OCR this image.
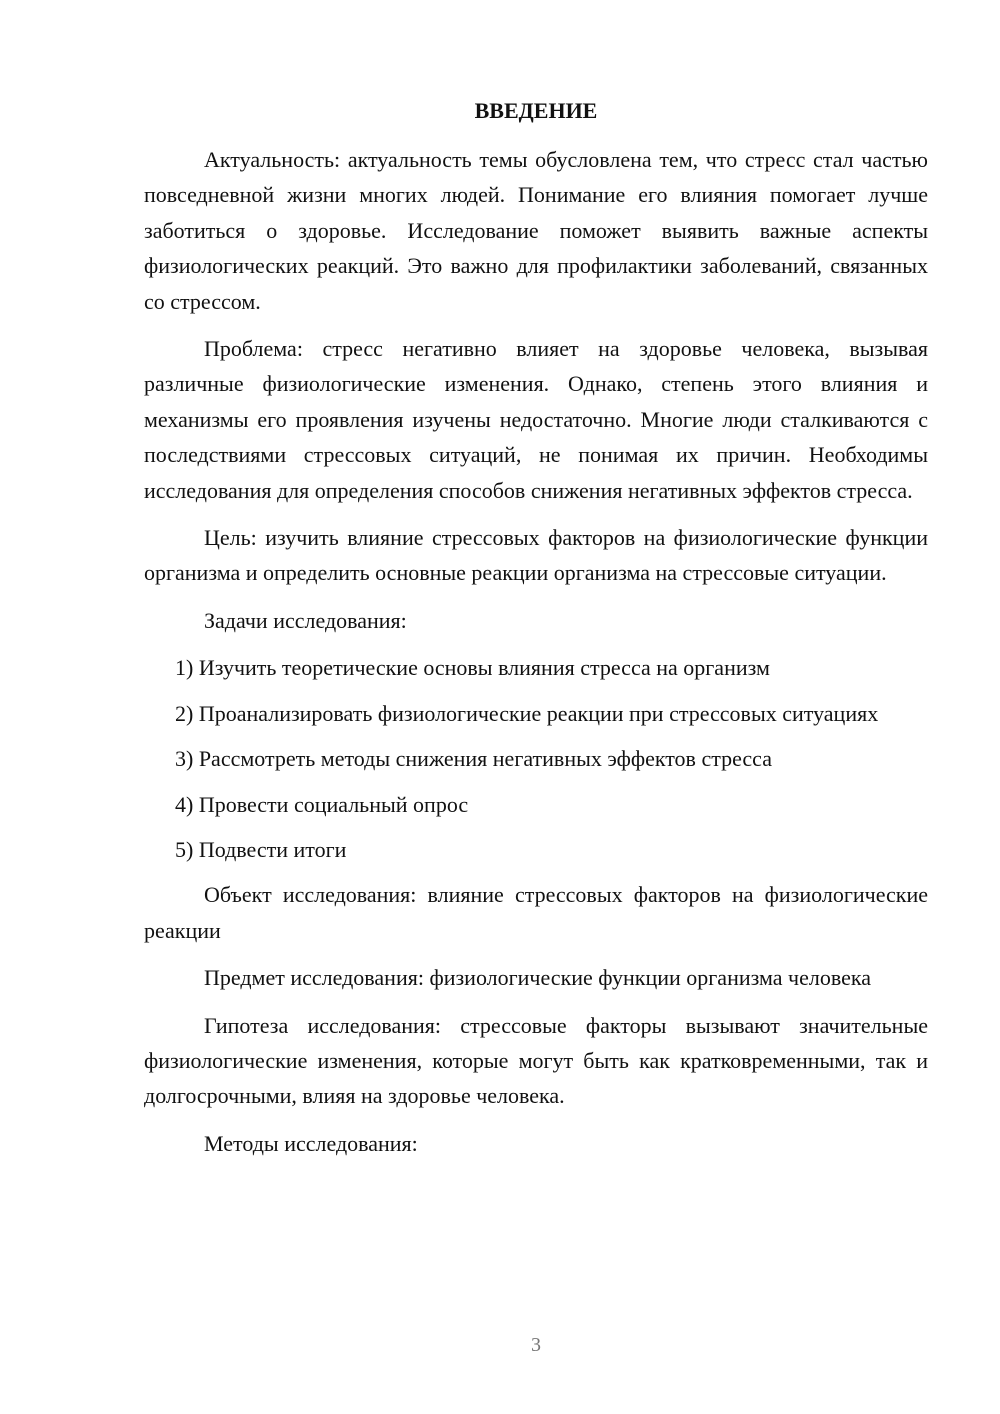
ВВЕДЕНИЕ

Актуальность: актуальность темы обусловлена тем, что стресс стал частью повседневной жизни многих людей. Понимание его влияния помогает лучше заботиться о здоровье. Исследование поможет выявить важные аспекты физиологических реакций. Это важно для профилактики заболеваний, связанных со стрессом.

Проблема: стресс негативно влияет на здоровье человека, вызывая различные физиологические изменения. Однако, степень этого влияния и механизмы его проявления изучены недостаточно. Многие люди сталкиваются с последствиями стрессовых ситуаций, не понимая их причин. Необходимы исследования для определения способов снижения негативных эффектов стресса.

Цель: изучить влияние стрессовых факторов на физиологические функции организма и определить основные реакции организма на стрессовые ситуации.

Задачи исследования:

1) Изучить теоретические основы влияния стресса на организм

2) Проанализировать физиологические реакции при стрессовых ситуациях

3) Рассмотреть методы снижения негативных эффектов стресса

4) Провести социальный опрос

5) Подвести итоги

Объект исследования: влияние стрессовых факторов на физиологические реакции

Предмет исследования: физиологические функции организма человека

Гипотеза исследования: стрессовые факторы вызывают значительные физиологические изменения, которые могут быть как кратковременными, так и долгосрочными, влияя на здоровье человека.

Методы исследования:

3
